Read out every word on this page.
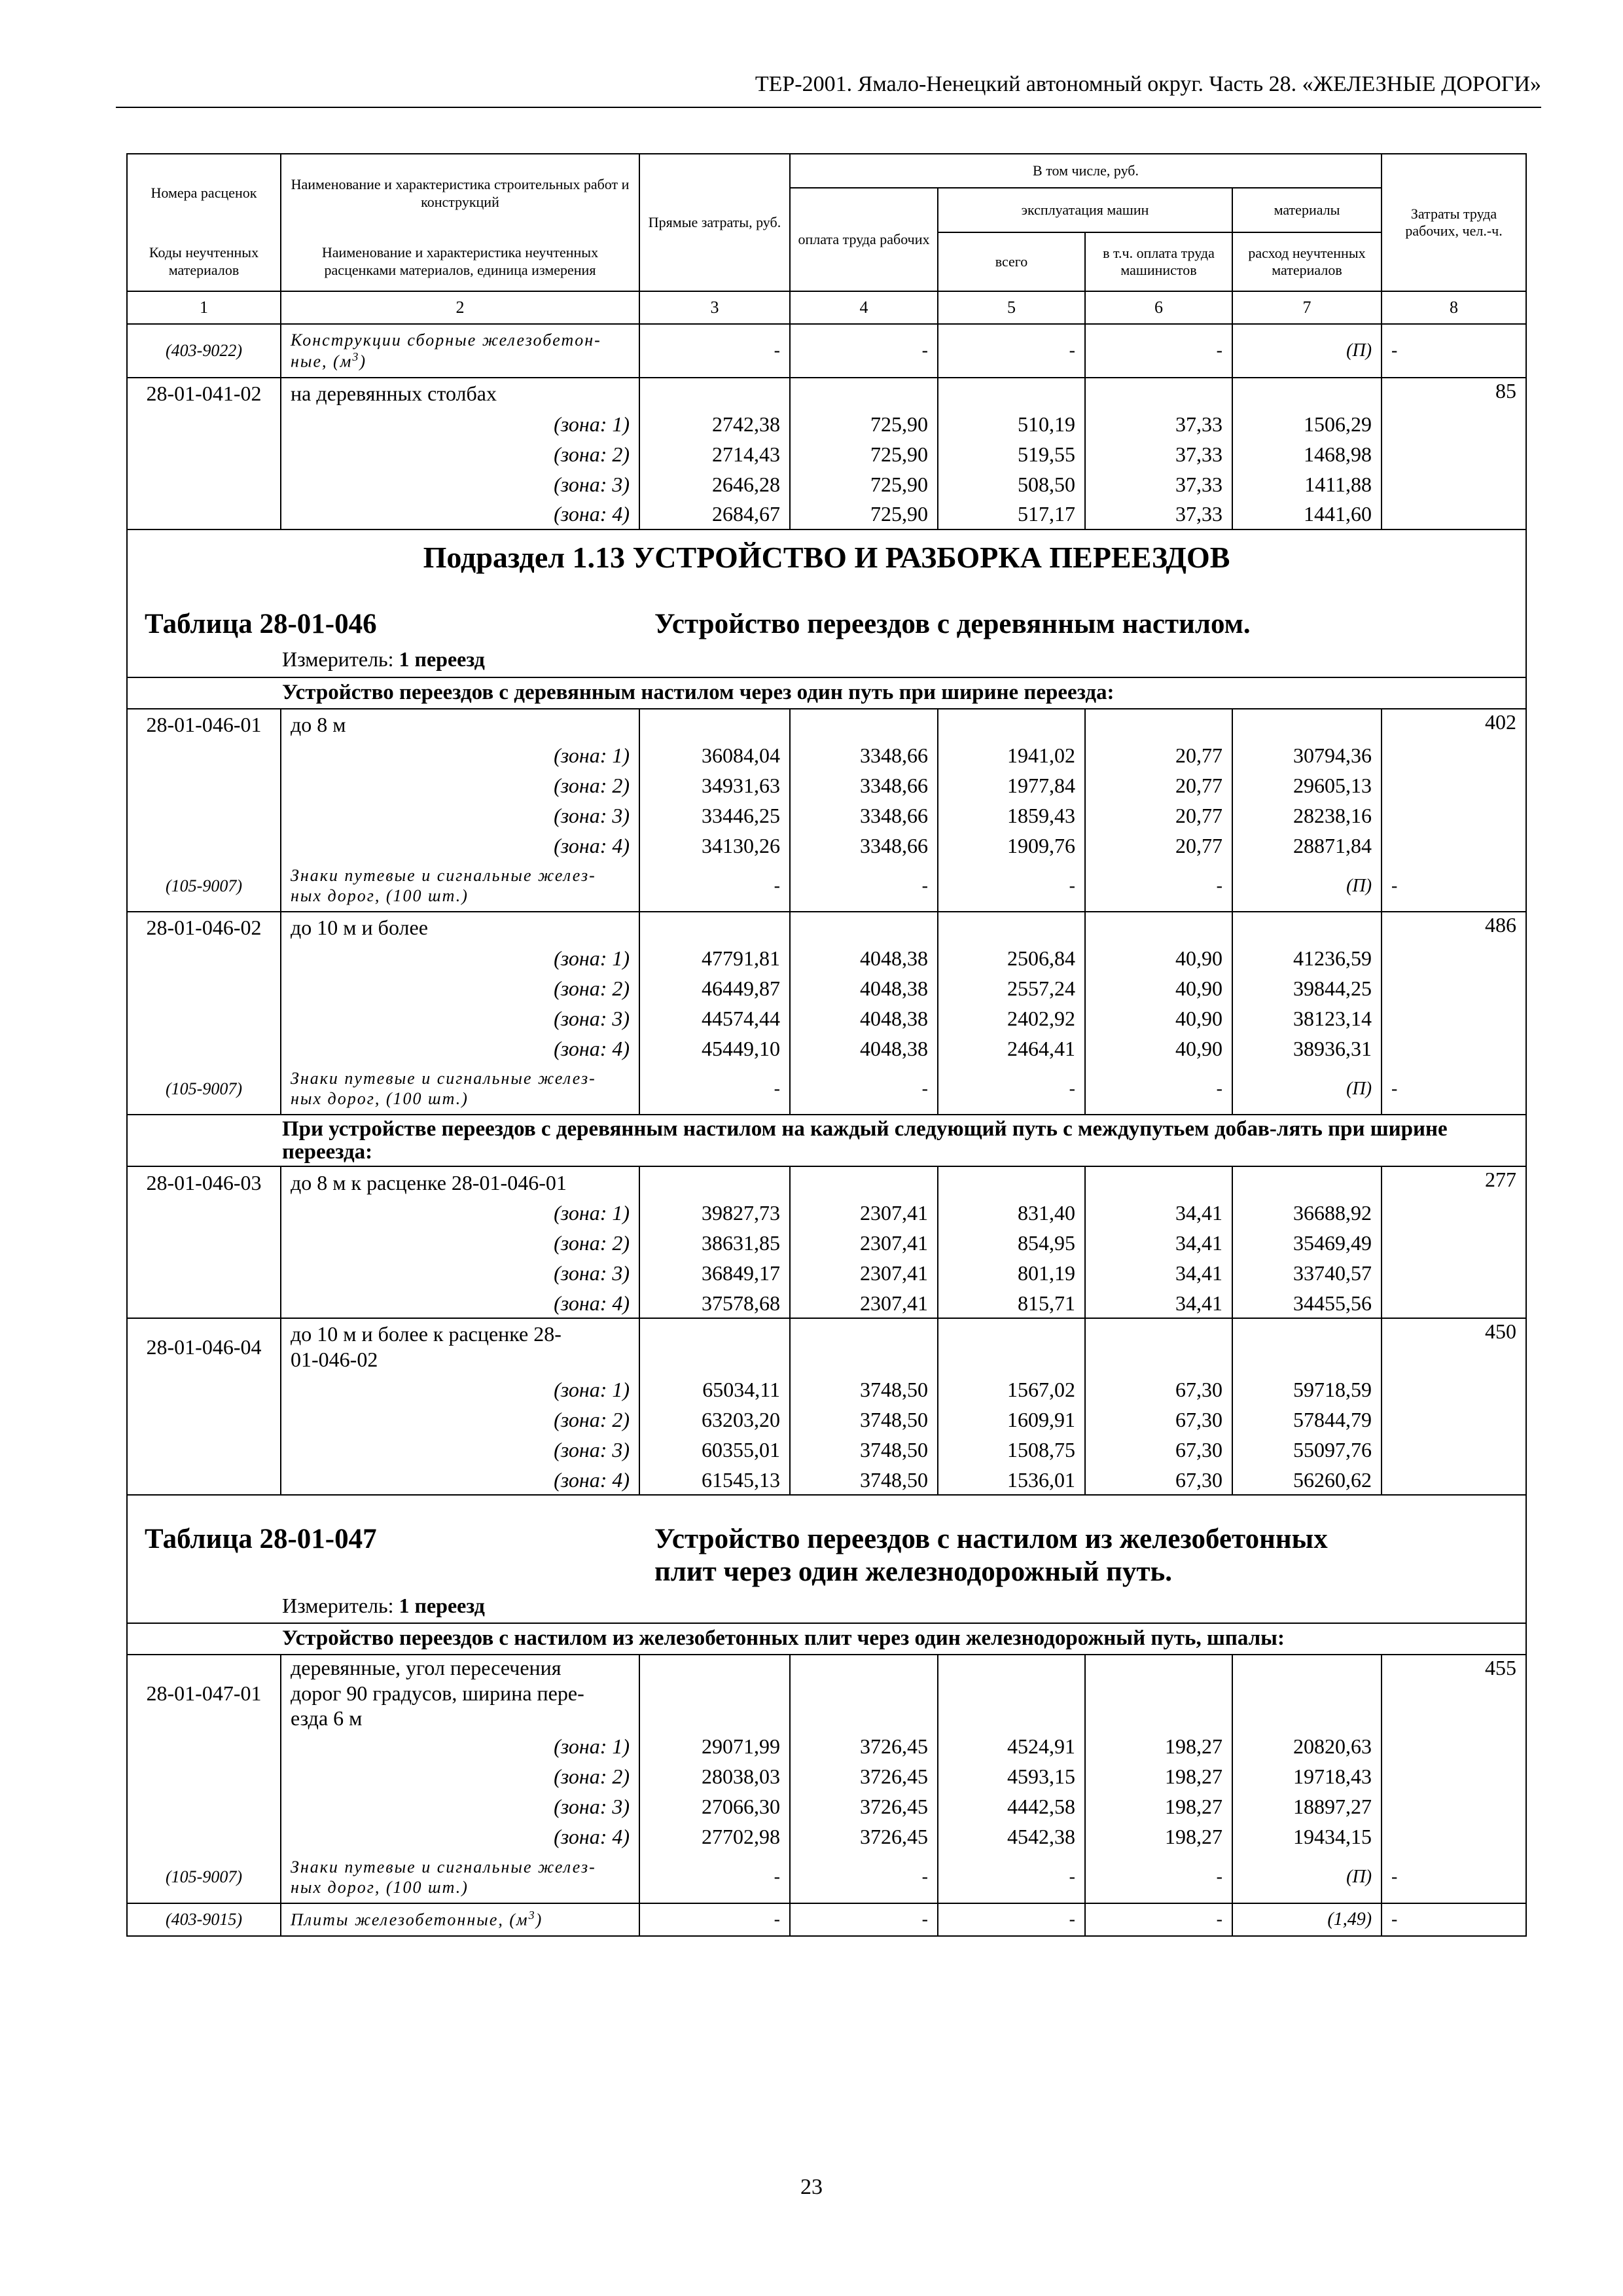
ТЕР-2001. Ямало-Ненецкий автономный округ. Часть 28. «ЖЕЛЕЗНЫЕ ДОРОГИ»
Номера расценок	Наименование и характеристика строительных работ и конструкций	Прямые затраты, руб.	В том числе, руб.				Затраты труда рабочих, чел.-ч.
			оплата труда рабочих	эксплуатация машин		материалы	
Коды неучтенных материалов	Наименование и характеристика неучтенных расценками материалов, единица измерения			всего	в т.ч. оплата труда машинистов	расход неучтенных материалов	
1	2	3	4	5	6	7	8
(403-9022)	Конструкции сборные железобетон-
ные, $(м^3)$	-	-	-	-	(П)	-
28-01-041-02	на деревянных столбах						85
	(зона: 1)	2742,38	725,90	510,19	37,33	1506,29	
	(зона: 2)	2714,43	725,90	519,55	37,33	1468,98	
	(зона: 3)	2646,28	725,90	508,50	37,33	1411,88	
	(зона: 4)	2684,67	725,90	517,17	37,33	1441,60	

Подраздел 1.13 УСТРОЙСТВО И РАЗБОРКА ПЕРЕЕЗДОВ
Таблица 28-01-046 Устройство переездов с деревянным настилом.
Измеритель: 1 переезд							

Устройство переездов с деревянным настилом через один путь при ширине переезда:							
28-01-046-01	до 8 м						402
	(зона: 1)	36084,04	3348,66	1941,02	20,77	30794,36	
	(зона: 2)	34931,63	3348,66	1977,84	20,77	29605,13	
	(зона: 3)	33446,25	3348,66	1859,43	20,77	28238,16	
	(зона: 4)	34130,26	3348,66	1909,76	20,77	28871,84	
(105-9007)	Знаки путевые и сигнальные желез-
ных дорог, (100 шт.)	-	-	-	-	(П)	-
28-01-046-02	до 10 м и более						486
	(зона: 1)	47791,81	4048,38	2506,84	40,90	41236,59	
	(зона: 2)	46449,87	4048,38	2557,24	40,90	39844,25	
	(зона: 3)	44574,44	4048,38	2402,92	40,90	38123,14	
	(зона: 4)	45449,10	4048,38	2464,41	40,90	38936,31	
(105-9007)	Знаки путевые и сигнальные желез-
ных дорог, (100 шт.)	-	-	-	-	(П)	-
При устройстве переездов с деревянным настилом на каждый следующий путь с междупутьем добав-лять при ширине переезда:							
28-01-046-03	до 8 м к расценке 28-01-046-01						277
	(зона: 1)	39827,73	2307,41	831,40	34,41	36688,92	
	(зона: 2)	38631,85	2307,41	854,95	34,41	35469,49	
	(зона: 3)	36849,17	2307,41	801,19	34,41	33740,57	
	(зона: 4)	37578,68	2307,41	815,71	34,41	34455,56	
28-01-046-04	до 10 м и более к расценке 28-
01-046-02						450
	(зона: 1)	65034,11	3748,50	1567,02	67,30	59718,59	
	(зона: 2)	63203,20	3748,50	1609,91	67,30	57844,79	
	(зона: 3)	60355,01	3748,50	1508,75	67,30	55097,76	
	(зона: 4)	61545,13	3748,50	1536,01	67,30	56260,62	

Таблица 28-01-047 Устройство переездов с настилом из железобетонных
плит через один железнодорожный путь.
Измеритель: 1 переезд							

Устройство переездов с настилом из железобетонных плит через один железнодорожный путь, шпалы:							
28-01-047-01	деревянные, угол пересечения
дорог 90 градусов, ширина пере-
езда 6 м						455
	(зона: 1)	29071,99	3726,45	4524,91	198,27	20820,63	
	(зона: 2)	28038,03	3726,45	4593,15	198,27	19718,43	
	(зона: 3)	27066,30	3726,45	4442,58	198,27	18897,27	
	(зона: 4)	27702,98	3726,45	4542,38	198,27	19434,15	
(105-9007)	Знаки путевые и сигнальные желез-
ных дорог, (100 шт.)	-	-	-	-	(П)	-
(403-9015)	Плиты железобетонные, $(м^3)$	-	-	-	-	(1,49)	-
23
